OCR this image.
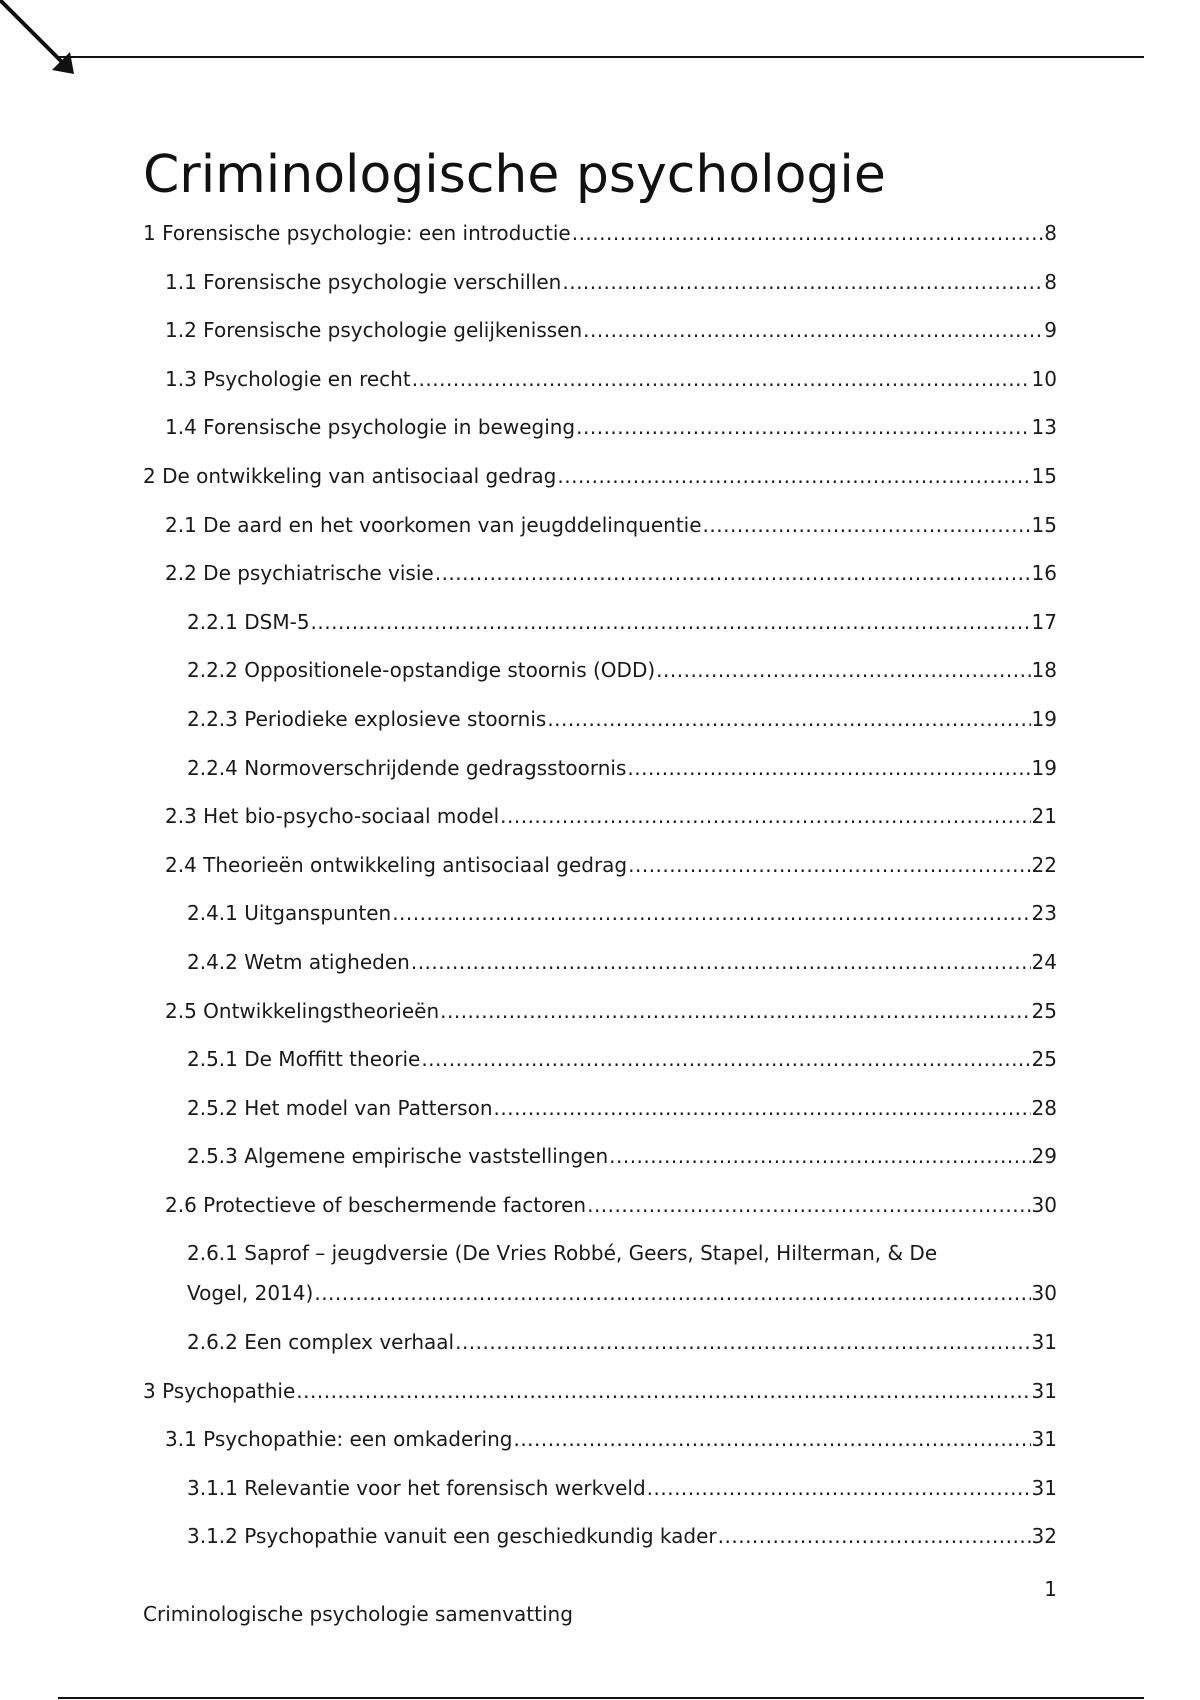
Criminologische psychologie
1 Forensische psychologie: een introductie .....	8
1.1 Forensische psychologie verschillen .....	8
1.2 Forensische psychologie gelijkenissen .....	9
1.3 Psychologie en recht .....	10
1.4 Forensische psychologie in beweging .....	13
2 De ontwikkeling van antisociaal gedrag .....	15
2.1 De aard en het voorkomen van jeugddelinquentie .....	15
2.2 De psychiatrische visie .....	16
2.2.1 DSM-5 .....	17
2.2.2 Oppositionele-opstandige stoornis (ODD) .....	18
2.2.3 Periodieke explosieve stoornis .....	19
2.2.4 Normoverschrijdende gedragsstoornis .....	19
2.3 Het bio-psycho-sociaal model .....	21
2.4 Theorieën ontwikkeling antisociaal gedrag .....	22
2.4.1 Uitganspunten .....	23
2.4.2 Wetm atigheden .....	24
2.5 Ontwikkelingstheorieën .....	25
2.5.1 De Moffitt theorie .....	25
2.5.2 Het model van Patterson .....	28
2.5.3 Algemene empirische vaststellingen .....	29
2.6 Protectieve of beschermende factoren .....	30
2.6.1 Saprof – jeugdversie (De Vries Robbé, Geers, Stapel, Hilterman, & De
Vogel, 2014) .....	30
2.6.2 Een complex verhaal .....	31
3 Psychopathie .....	31
3.1 Psychopathie: een omkadering .....	31
3.1.1 Relevantie voor het forensisch werkveld .....	31
3.1.2 Psychopathie vanuit een geschiedkundig kader .....	32
1
Criminologische psychologie samenvatting
